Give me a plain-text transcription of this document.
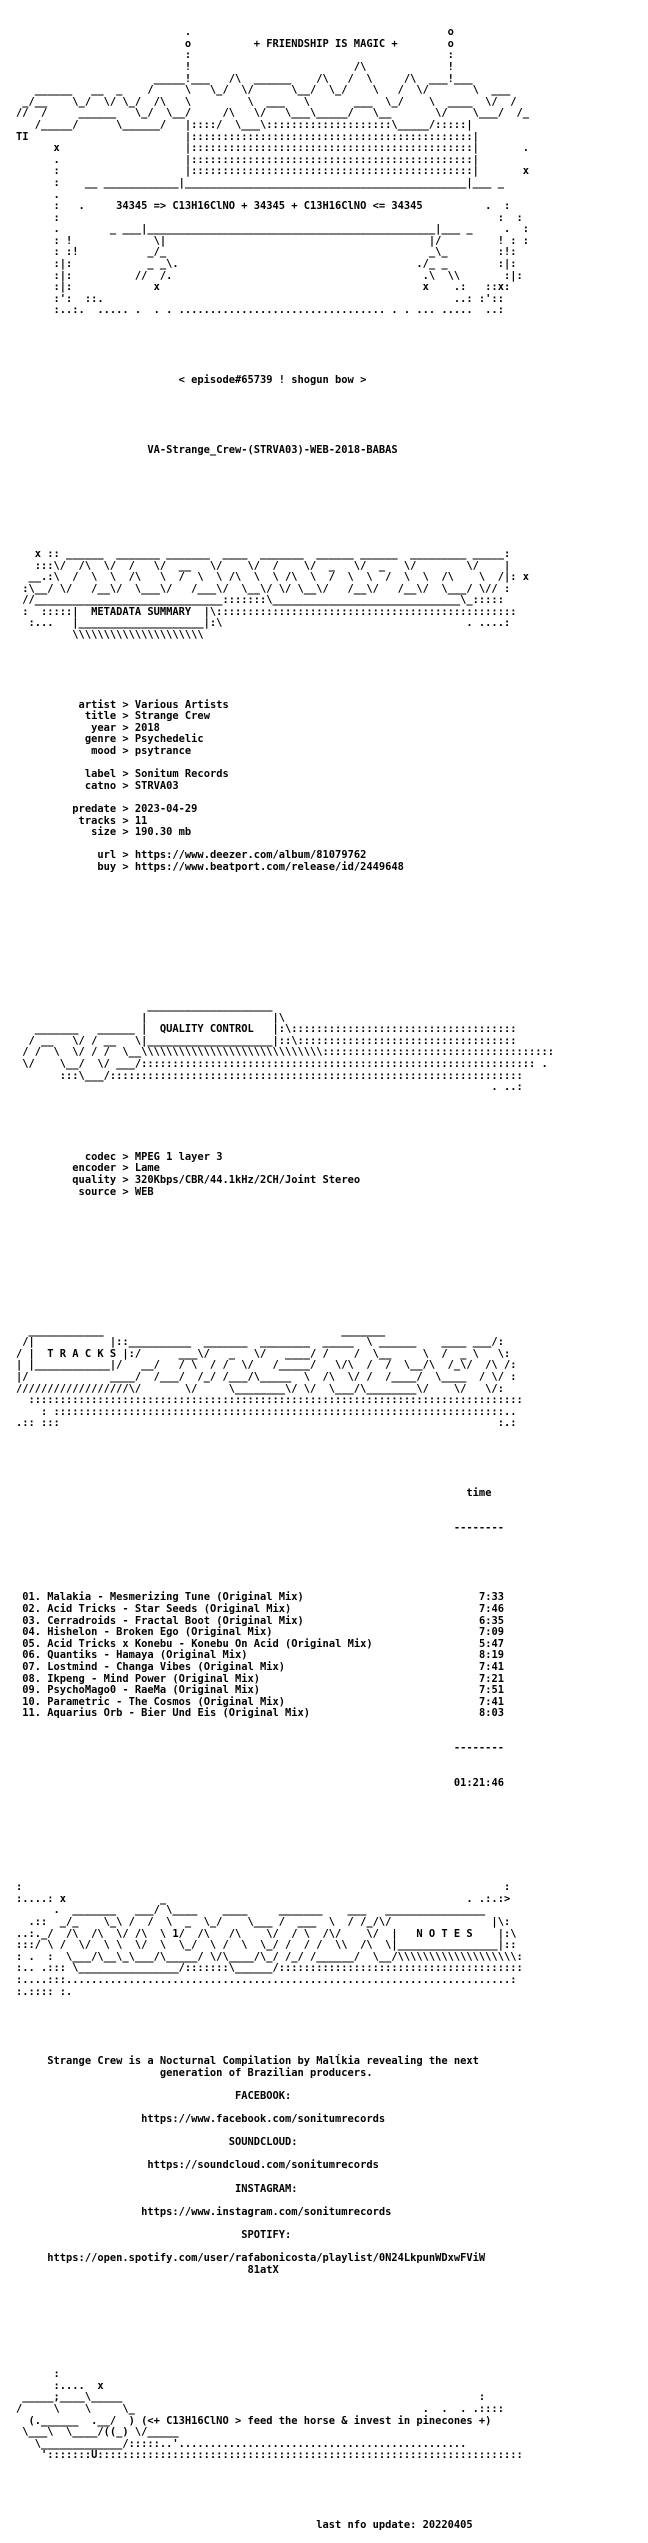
.                                         o
o          + FRIENDSHIP IS MAGIC +        o
:                                         :
!                          /\             !
_____!___   /\  ______    /\   /  \     /\  ___!___
______   __  _    /     \   \_/  \/      \__/  \_/    \   /  \/       \  ___
_/__    \_/  \/ \_/  /\   \         \  ___   \       ___  \_/    \  ____  \/  /
//  /     ______   \_/  \__/     /\   \/   \___\_____/   \__       \/    \___/  /_
/_____/      \______/   |::::/  \___\::::::::::::::::::::\_____/:::::|
TI                         |:::::::::::::::::::::::::::::::::::::::::::::|
x                    |:::::::::::::::::::::::::::::::::::::::::::::|       .
.                    |:::::::::::::::::::::::::::::::::::::::::::::|
:                    |:::::::::::::::::::::::::::::::::::::::::::::|       x
:    __ ____________|_____________________________________________|___ _
.
:   .     34345 => C13H16ClNO + 34345 + C13H16ClNO <= 34345          .  :
:                                                                      :  :
.        _ ___|______________________________________________|___ _     .  :
: !             \|                                          |/         ! : :
: :!           _/_                                          _\_        :!:
:|:            _ _\.                                      ./_ _        :|:
:|:          //  /.                                        .\  \\       :|:
:|:             x                                          x    .:   ::x:
:':  ::.                                                        ..: :'::
:..:.  ..... .  . . ................................. . . ... .....  ..:

< episode#65739 ! shogun bow >

VA-Strange_Crew-(STRVA03)-WEB-2018-BABAS

x :: ______  _______ _______  ____  _______  ______ ______  _________ _____:
:::\/  /\  \/  /   \/  __   \/    \/  /    \/  _   \/  _   \/        \/    |
__.:\  /  \  \  /\   \  /  \  \ /\  \  \ /\  \  /  \  \  /  \  \  /\    \  /|: x
:\__/ \/   /__\/  \___\/   /___\/  \__\/ \/ \__\/   /__\/   /__\/  \___/ \// :
//______________________________:::::::\______________________________\_:::::
:  :::::|  METADATA SUMMARY  |\::::::::::::::::::::::::::::::::::::::::::::::::
:...   |____________________|:\                                       . ....:
\\\\\\\\\\\\\\\\\\\\\

artist > Various Artists
title > Strange Crew
year > 2018
genre > Psychedelic
mood > psytrance

label > Sonitum Records
catno > STRVA03

predate > 2023-04-29
tracks > 11
size > 190.30 mb

url > https://www.deezer.com/album/81079762
buy > https://www.beatport.com/release/id/2449648

____________________
|                    |\
_______   ______ |  QUALITY CONTROL   |:\::::::::::::::::::::::::::::::::::::
/ __   \/ / __   \|____________________|::\:::::::::::::::::::::::::::::::::::
/ /  \  \/ / /  \__\\\\\\\\\\\\\\\\\\\\\\\\\\\\\:::::::::::::::::::::::::::::::::::::
\/    \__/  \/ ___/::::::::::::::::::::::::::::::::::::::::::::::::::::::::::::::: .
:::\___/::::::::::::::::::::::::::::::::::::::::::::::::::::::::::::::::::
. ..:

codec > MPEG 1 layer 3
encoder > Lame
quality > 320Kbps/CBR/44.1kHz/2CH/Joint Stereo
source > WEB

____________                                      _______
/|            |::__________  _______  ________  _____  \ ______    ____ ___/:
/ |  T R A C K S |:/      ___\/   _   \/   ____/ /    /  \__     \  /  _ \   \:
| |____________|/   __/   / \  / /  \/   /_____/   \/\  /  /  \__/\  /_\/  /\ /:
|/             ____/  /___/  /_/ /___/\_____  \  /\  \/ /  /____/  \____  / \/ :
//////////////////\/       \/     \________\/ \/  \___/\________\/    \/   \/:
:::::::::::::::::::::::::::::::::::::::::::::::::::::::::::::::::::::::::::::::
: ::::::::::::::::::::::::::::::::::::::::::::::::::::::::::::::::::::::::..
.:: :::                                                                      :.:

time

--------

01. Malakia - Mesmerizing Tune (Original Mix)	7:33
02. Acid Tricks - Star Seeds (Original Mix)	7:46
03. Cerradroids - Fractal Boot (Original Mix)	6:35
04. Hishelon - Broken Ego (Original Mix)	7:09
05. Acid Tricks x Konebu - Konebu On Acid (Original Mix)	5:47
06. Quantiks - Hamaya (Original Mix)	8:19
07. Lostmind - Changa Vibes (Original Mix)	7:41
08. Ikpeng - Mind Power (Original Mix)	7:21
09. PsychoMago0 - RaeMa (Original Mix)	7:51
10. Parametric - The Cosmos (Original Mix)	7:41
11. Aquarius Orb - Bier Und Eis (Original Mix)	8:03

--------

01:21:46

:                                                                             :
:....: x               _                                                . .:.:>
.  _______   ___/ \____    ____     _______    ___   ________________
.::  _/_    \_\ /  /  \  _  \_/    \___ /  ___  \  / /_/\/                |\:
..:._/  /\  /\  \/ /\  \ 1/  /\   /\    \/  / \  /\/    \/  |   N O T E S    |:\
:::/ \ /  \/  \ \  \/  \  \_/  \ /  \  \_/ /  / /  \\  /\  \|________________|::
: .  :  \___/\__\_\___/\_____/ \/\____/\_/ /_/ /______/  \__/\\\\\\\\\\\\\\\\\\\:
:.. .::: \________________/:::::::\______/:::::::::::::::::::::::::::::::::::::::
:....:::.......................................................................:
:.:::: :.

Strange Crew is a Nocturnal Compilation by Malĺkia revealing the next
generation of Brazilian producers.

FACEBOOK:

https://www.facebook.com/sonitumrecords

SOUNDCLOUD:

https://soundcloud.com/sonitumrecords

INSTAGRAM:

https://www.instagram.com/sonitumrecords

SPOTIFY:

https://open.spotify.com/user/rafabonicosta/playlist/0N24LkpunWDxwFViW
81atX

:
:....  x
_____;____\_____                                                         :
/     \    \     \_                                              .  .  . .::::
(.______  .__/  ) (<+ C13H16ClNO > feed the horse & invest in pinecones +)
\___\  \____/((_) \/_____
\_____________/:::::..'..............................................
':::::::U::::::::::::::::::::::::::::::::::::::::::::::::::::::::::::::::::::

last nfo update: 20220405
